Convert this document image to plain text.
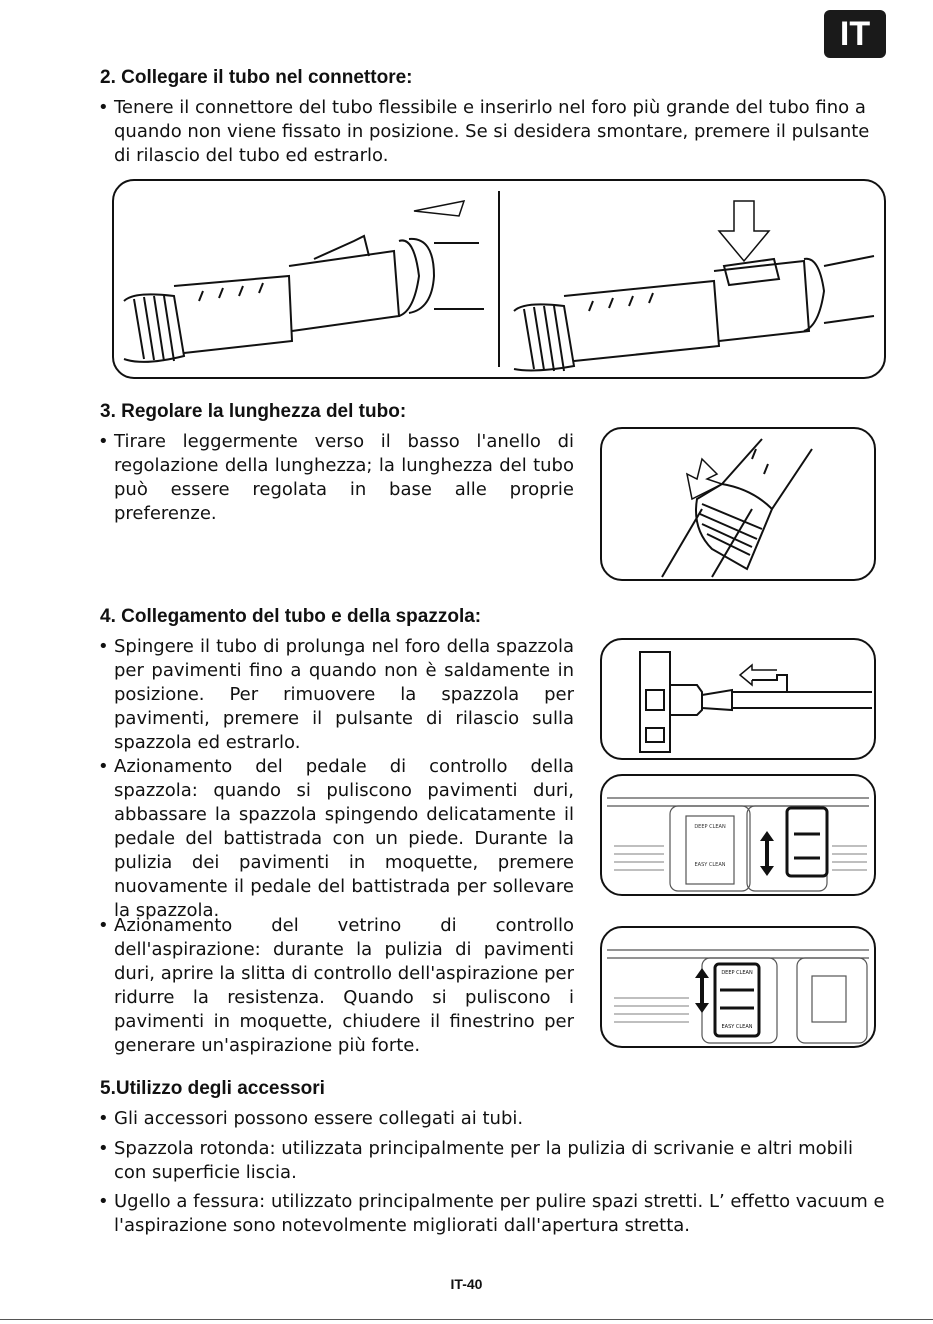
IT
2. Collegare il tubo nel connettore:

• Tenere il connettore del tubo flessibile e inserirlo nel foro più grande del tubo fino a quando non viene fissato in posizione. Se si desidera smontare, premere il pulsante di rilascio del tubo ed estrarlo.

3. Regolare la lunghezza del tubo:

• Tirare leggermente verso il basso l'anello di regolazione della lunghezza; la lunghezza del tubo può essere regolata in base alle proprie preferenze.

4. Collegamento del tubo e della spazzola:

• Spingere il tubo di prolunga nel foro della spazzola per pavimenti fino a quando non è saldamente in posizione. Per rimuovere la spazzola per pavimenti, premere il pulsante di rilascio sulla spazzola ed estrarlo.

• Azionamento del pedale di controllo della spazzola: quando si puliscono pavimenti duri, abbassare la spazzola spingendo delicatamente il pedale del battistrada con un piede. Durante la pulizia dei pavimenti in moquette, premere nuovamente il pedale del battistrada per sollevare la spazzola.

• Azionamento del vetrino di controllo dell'aspirazione: durante la pulizia di pavimenti duri, aprire la slitta di controllo dell'aspirazione per ridurre la resistenza. Quando si puliscono i pavimenti in moquette, chiudere il finestrino per generare un'aspirazione più forte.

DEEP CLEAN
EASY CLEAN
DEEP CLEAN
EASY CLEAN
5.Utilizzo degli accessori

• Gli accessori possono essere collegati ai tubi.

• Spazzola rotonda: utilizzata principalmente per la pulizia di scrivanie e altri mobili con superficie liscia.

• Ugello a fessura: utilizzato principalmente per pulire spazi stretti. L’ effetto vacuum e l'aspirazione sono notevolmente migliorati dall'apertura stretta.

IT-40
